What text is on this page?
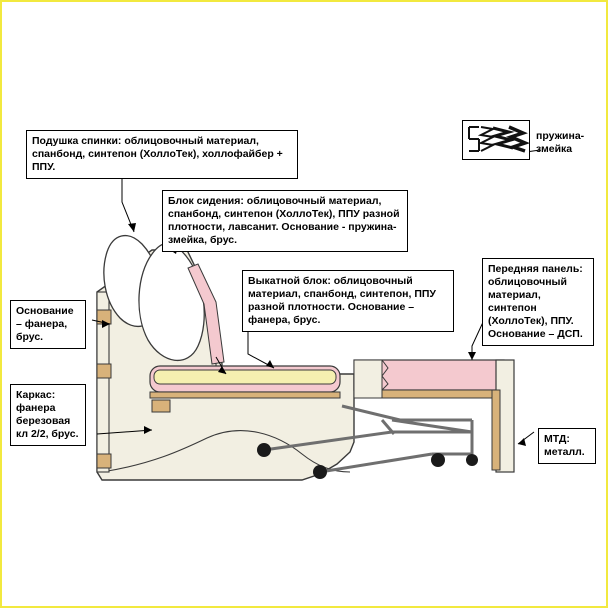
Подушка спинки: облицовочный материал, спанбонд, синтепон (ХоллоТек), холлофайбер + ППУ.
Блок сидения: облицовочный материал, спанбонд, синтепон (ХоллоТек), ППУ разной плотности, лавсанит. Основание - пружина-змейка, брус.
Выкатной блок: облицовочный материал, спанбонд, синтепон, ППУ разной плотности. Основание – фанера, брус.
Передняя панель: облицовочный материал, синтепон (ХоллоТек), ППУ. Основание – ДСП.
Основание – фанера, брус.
Каркас: фанера березовая кл 2/2, брус.	МТД: металл.
пружина-змейка
